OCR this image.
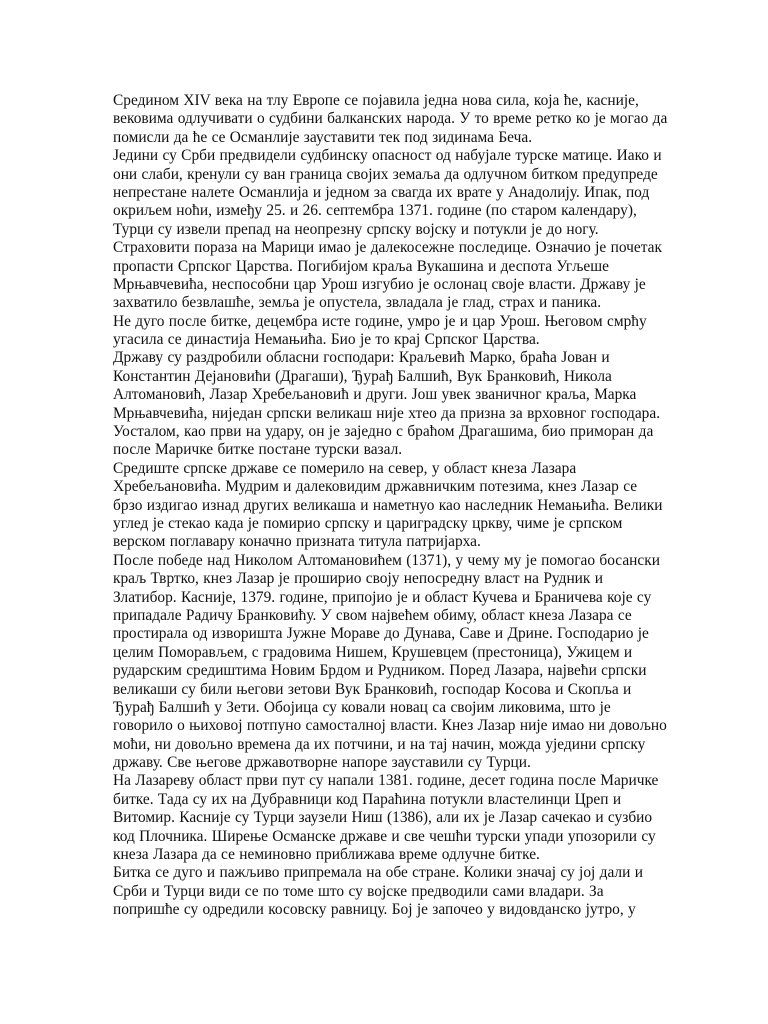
Средином XIV века на тлу Европе се појавила једна нова сила, која ће, касније,
вековима одлучивати о судбини балканских народа. У то време ретко ко је могао да
помисли да ће се Османлије зауставити тек под зидинама Беча.
Једини су Срби предвидели судбинску опасност од набујале турске матице. Иако и
они слаби, кренули су ван граница својих земаља да одлучном битком предупреде
непрестане налете Османлија и једном за свагда их врате у Анадолију. Ипак, под
окриљем ноћи, између 25. и 26. септембра 1371. године (по старом календару),
Турци су извели препад на неопрезну српску војску и потукли је до ногу.
Страховити пораза на Марици имао је далекосежне последице. Означио је почетак
пропасти Српског Царства. Погибијом краља Вукашина и деспота Угљеше
Мрњавчевића, неспособни цар Урош изгубио је ослонац своје власти. Државу је
захватило безвлашће, земља је опустела, звладала је глад, страх и паника.
Не дуго после битке, децембра исте године, умро је и цар Урош. Његовом смрћу
угасила се династија Немањића. Био је то крај Српског Царства.
Државу су раздробили обласни господари: Краљевић Марко, браћа Јован и
Константин Дејановићи (Драгаши), Ђурађ Балшић, Вук Бранковић, Никола
Алтомановић, Лазар Хребељановић и други. Још увек званичног краља, Марка
Мрњавчевића, ниједан српски великаш није хтео да призна за врховног господара.
Уосталом, као први на удару, он је заједно с браћом Драгашима, био приморан да
после Маричке битке постане турски вазал.
Средиште српске државе се померило на север, у област кнеза Лазара
Хребељановића. Мудрим и далековидим државничким потезима, кнез Лазар се
брзо издигао изнад других великаша и наметнуо као наследник Немањића. Велики
углед је стекао када је помирио српску и цариградску цркву, чиме је српском
верском поглавару коначно призната титула патријарха.
После победе над Николом Алтомановићем (1371), у чему му је помогао босански
краљ Твртко, кнез Лазар је проширио своју непосредну власт на Рудник и
Златибор. Касније, 1379. године, припојио је и област Кучева и Браничева које су
припадале Радичу Бранковићу. У свом највећем обиму, област кнеза Лазара се
простирала од изворишта Јужне Мораве до Дунава, Саве и Дрине. Господарио је
целим Поморављем, с градовима Нишем, Крушевцем (престоница), Ужицем и
рударским средиштима Новим Брдом и Рудником. Поред Лазара, највећи српски
великаши су били његови зетови Вук Бранковић, господар Косова и Скопља и
Ђурађ Балшић у Зети. Обојица су ковали новац са својим ликовима, што је
говорило о њиховој потпуно самосталној власти. Кнез Лазар није имао ни довољно
моћи, ни довољно времена да их потчини, и на тај начин, можда уједини српску
државу. Све његове државотворне напоре зауставили су Турци.
На Лазареву област први пут су напали 1381. године, десет година после Маричке
битке. Тада су их на Дубравници код Параћина потукли властелинци Цреп и
Витомир. Касније су Турци заузели Ниш (1386), али их је Лазар сачекао и сузбио
код Плочника. Ширење Османске државе и све чешћи турски упади упозорили су
кнеза Лазара да се неминовно приближава време одлучне битке.
Битка се дуго и пажљиво припремала на обе стране. Колики значај су јој дали и
Срби и Турци види се по томе што су војске предводили сами владари. За
попришће су одредили косовску равницу. Бој је започео у видовданско јутро, у
